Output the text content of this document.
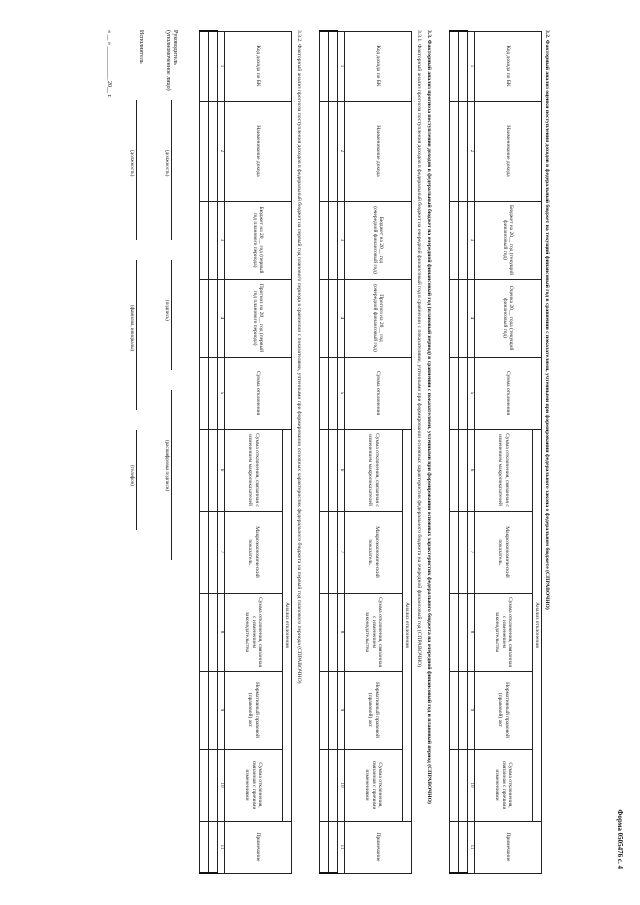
Форма 0505476 с. 4
3.2. Факторный анализ оценки поступления доходов в федеральный бюджет на текущий финансовый год в сравнении с показателями, учтенными при формировании федерального закона о федеральном бюджете (СПРАВОЧНО)
Код дохода по БК	Наименование дохода	Бюджет на 20__ год (текущий финансовый год)	Оценка 20__ года (текущий финансовый год)	Сумма отклонения	Анализ отклонения					Примечание
					Сумма отклонения, связанная с изменением макропоказателей	Макроэкономический показатель	Сумма отклонения, связанная с изменением законодательства	Нормативный правовой (правовой) акт	Сумма отклонения, связанная с прочими изменениями	
1	2	3	4	5	6	7	8	9	10	11

3.3. Факторный анализ прогноза поступления доходов в федеральный бюджет на очередной финансовый год (плановый период) в сравнении с показателями, учтенными при формировании основных характеристик федерального бюджета на очередной финансовый год и плановый период (СПРАВОЧНО)
3.3.1. Факторный анализ прогноза поступления доходов в федеральный бюджет на очередной финансовый год в сравнении с показателями, учтенными при формировании основных характеристик федерального бюджета на очередной финансовый год (СПРАВОЧНО)
Код дохода по БК	Наименование дохода	Бюджет на 20__ год (очередной финансовый год)	Прогноз на 20__ год (очередной финансовый год)	Сумма отклонения	Анализ отклонения					Примечание
					Сумма отклонения, связанная с изменением макропоказателей	Макроэкономический показатель	Сумма отклонения, связанная с изменением законодательства	Нормативный правовой (правовой) акт	Сумма отклонения, связанная с прочими изменениями	
1	2	3	4	5	6	7	8	9	10	11

3.3.2. Факторный анализ прогноза поступления доходов в федеральный бюджет на первый год планового периода в сравнении с показателями, учтенными при формировании основных характеристик федерального бюджета на первый год планового периода (СПРАВОЧНО)
Код дохода по БК	Наименование дохода	Бюджет на 20__ год (первый год планового периода)	Прогноз на 20__ год (первый год планового периода)	Сумма отклонения	Анализ отклонения					Примечание
					Сумма отклонения, связанная с изменением макропоказателей	Макроэкономический показатель	Сумма отклонения, связанная с изменением законодательства	Нормативный правовой (правовой) акт	Сумма отклонения, связанная с прочими изменениями	
1	2	3	4	5	6	7	8	9	10	11

Руководитель (уполномоченное лицо)
(должность)
(подпись)
(расшифровка подписи)
Исполнитель
(должность)
(фамилия, инициалы)
(телефон)
« __ » ___________ 20__ г.
